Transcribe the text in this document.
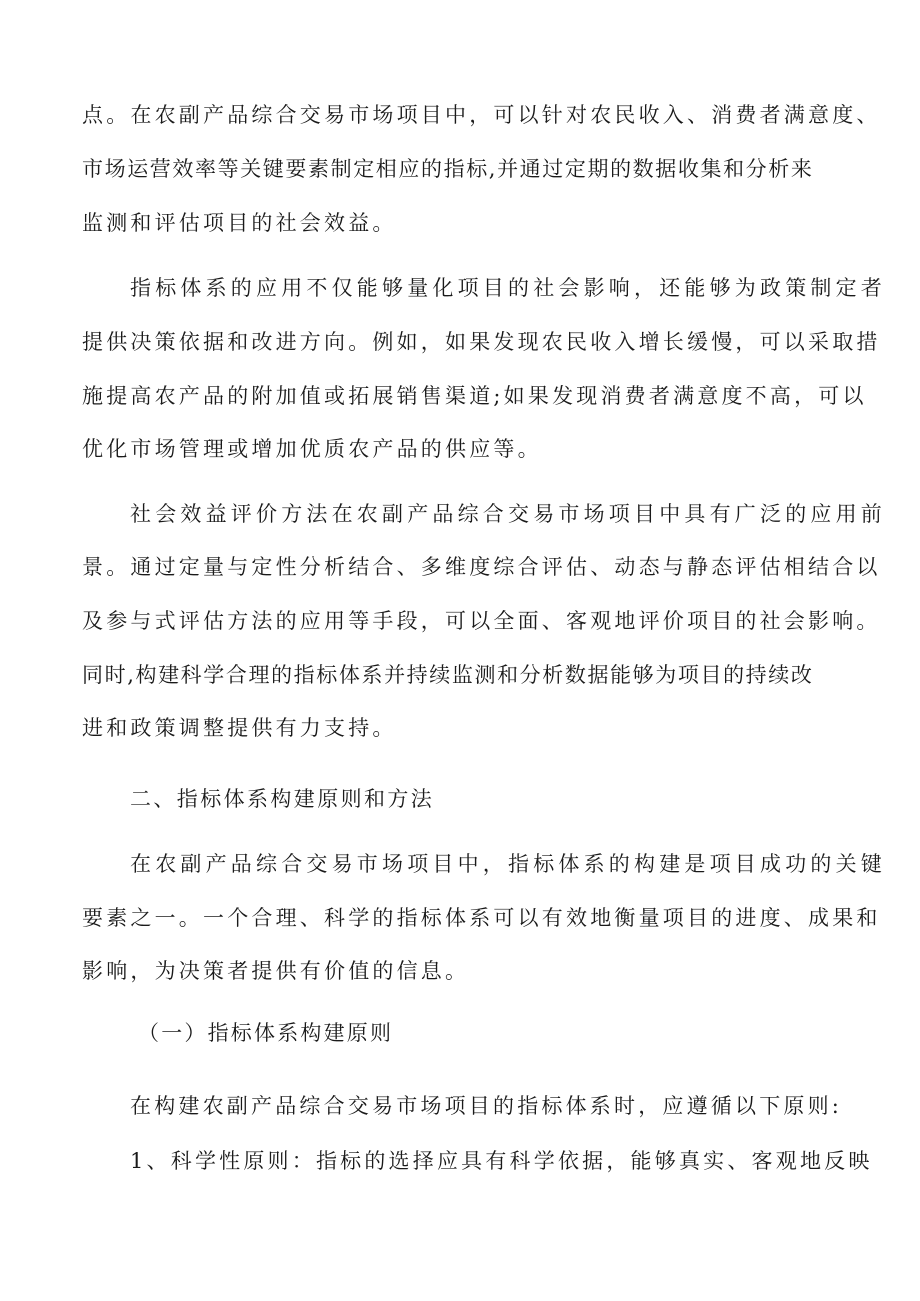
点。在农副产品综合交易市场项目中，可以针对农民收入、消费者满意度、
市场运营效率等关键要素制定相应的指标,并通过定期的数据收集和分析来
监测和评估项目的社会效益。
指标体系的应用不仅能够量化项目的社会影响，还能够为政策制定者
提供决策依据和改进方向。例如，如果发现农民收入增长缓慢，可以采取措
施提高农产品的附加值或拓展销售渠道;如果发现消费者满意度不高，可以
优化市场管理或增加优质农产品的供应等。
社会效益评价方法在农副产品综合交易市场项目中具有广泛的应用前
景。通过定量与定性分析结合、多维度综合评估、动态与静态评估相结合以
及参与式评估方法的应用等手段，可以全面、客观地评价项目的社会影响。
同时,构建科学合理的指标体系并持续监测和分析数据能够为项目的持续改
进和政策调整提供有力支持。
二、指标体系构建原则和方法
在农副产品综合交易市场项目中，指标体系的构建是项目成功的关键
要素之一。一个合理、科学的指标体系可以有效地衡量项目的进度、成果和
影响，为决策者提供有价值的信息。
（一）指标体系构建原则
在构建农副产品综合交易市场项目的指标体系时，应遵循以下原则:
1、科学性原则：指标的选择应具有科学依据，能够真实、客观地反映
